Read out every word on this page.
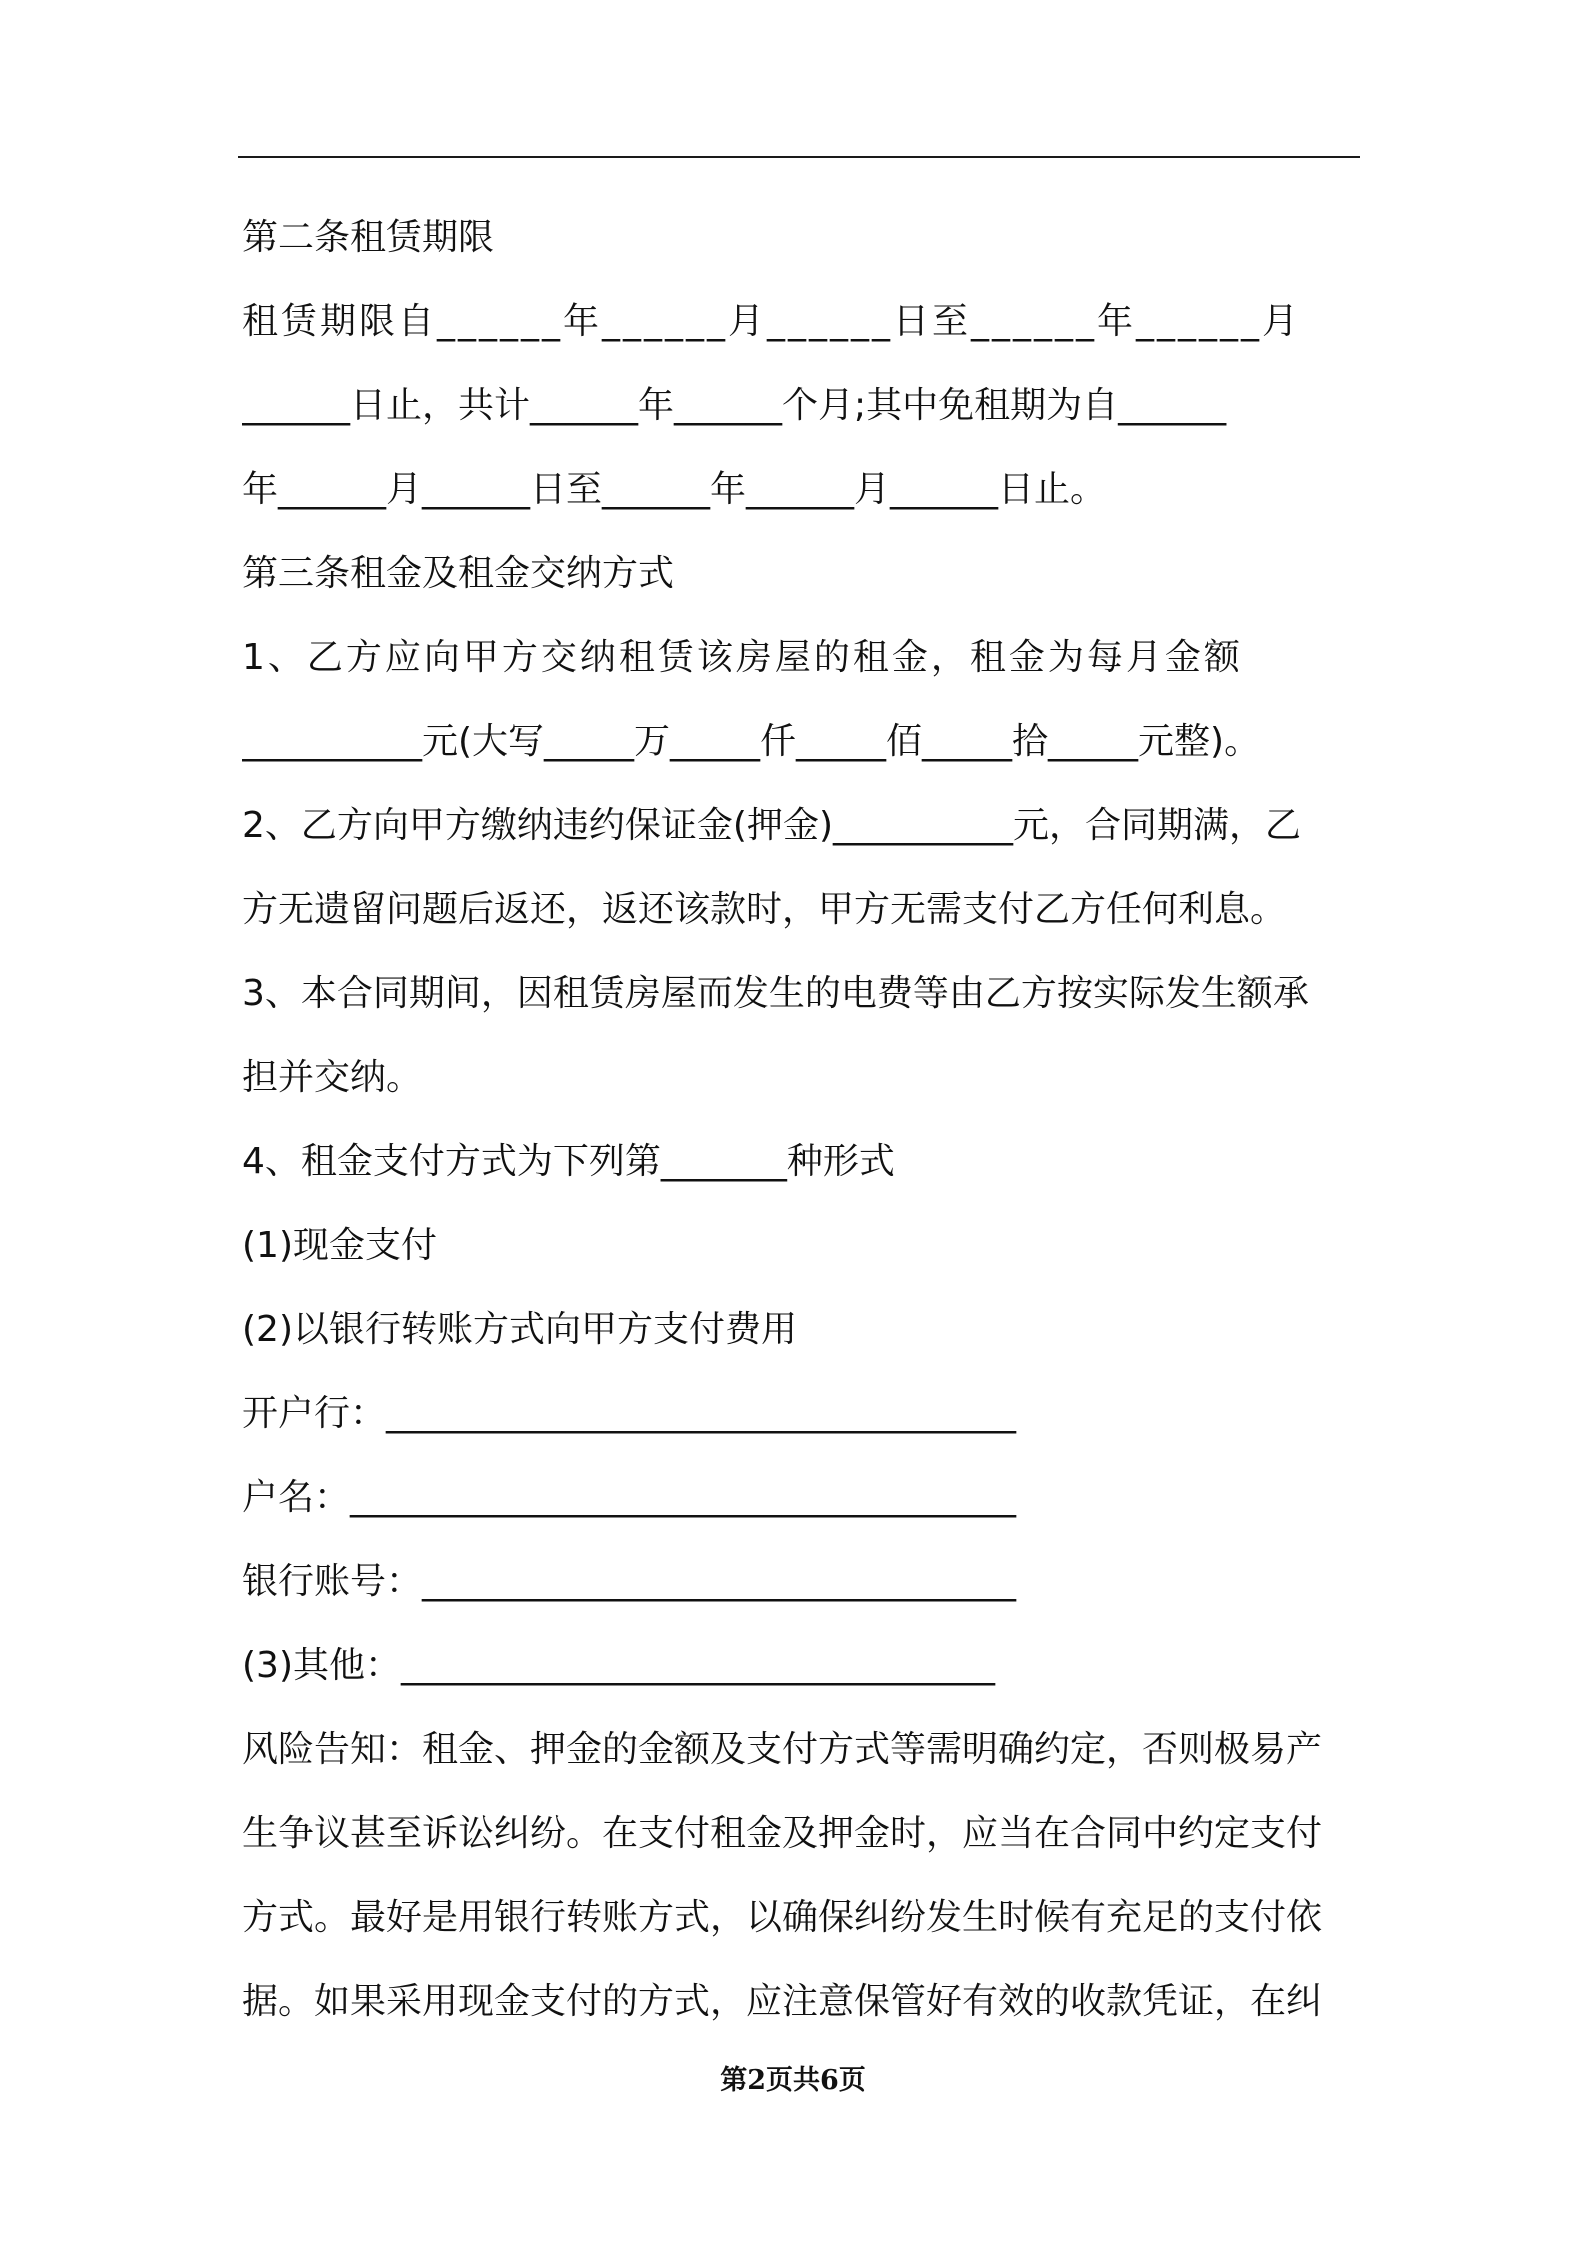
第二条租赁期限
租赁期限自______年______月______日至______年______月
______日止，共计______年______个月;其中免租期为自______
年______月______日至______年______月______日止。
第三条租金及租金交纳方式
1、乙方应向甲方交纳租赁该房屋的租金，租金为每月金额
__________元(大写_____万_____仟_____佰_____拾_____元整)。
2、乙方向甲方缴纳违约保证金(押金)__________元，合同期满，乙
方无遗留问题后返还，返还该款时，甲方无需支付乙方任何利息。
3、本合同期间，因租赁房屋而发生的电费等由乙方按实际发生额承
担并交纳。
4、租金支付方式为下列第_______种形式
(1)现金支付
(2)以银行转账方式向甲方支付费用
开户行：___________________________________
户名：_____________________________________
银行账号：_________________________________
(3)其他：_________________________________
风险告知：租金、押金的金额及支付方式等需明确约定，否则极易产
生争议甚至诉讼纠纷。在支付租金及押金时，应当在合同中约定支付
方式。最好是用银行转账方式，以确保纠纷发生时候有充足的支付依
据。如果采用现金支付的方式，应注意保管好有效的收款凭证，在纠
第2页共6页
